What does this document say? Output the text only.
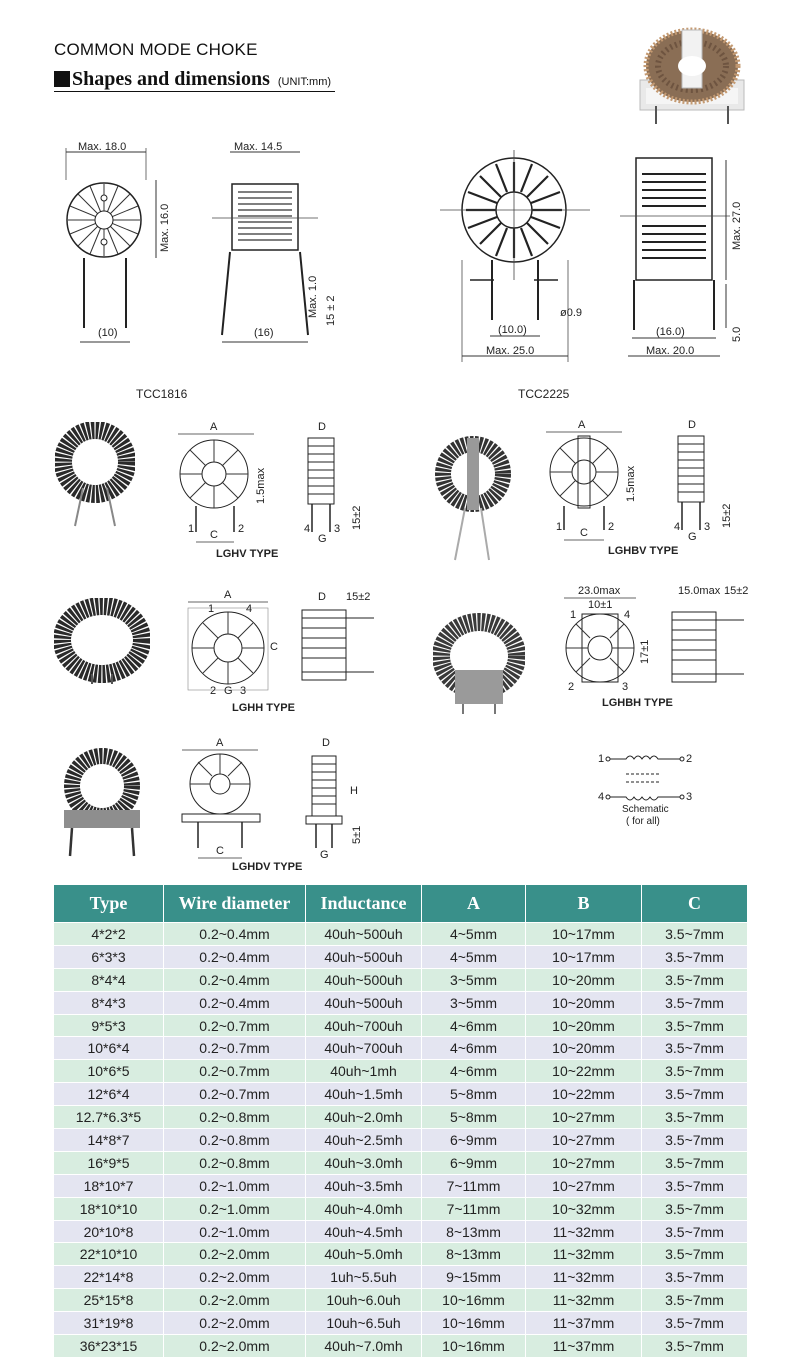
COMMON MODE CHOKE
Shapes and dimensions (UNIT:mm)
Max. 18.0
Max. 16.0
(10)
Max. 14.5
(16)
Max. 1.0 15 ± 2
TCC1816
(10.0)
ø0.9
Max. 25.0
(16.0)
Max. 20.0
Max. 27.0
5.0
TCC2225
A
1	2
C
1.5max
D
4 3
G
15±2
LGHV TYPE
A
1	2
C
1.5max
D
4 3
G
15±2
LGHBV TYPE
A
C
2 3
G
1	4
D 15±2
LGHH TYPE
23.0max
10±1
17±1
2	3
1	4
15.0max 15±2
LGHBH TYPE
A
C
D
H
G
5±1
LGHDV TYPE
1	2
4	3
Schematic
( for all)
Type	Wire diameter	Inductance	A	B	C
4*2*2	0.2~0.4mm	40uh~500uh	4~5mm	10~17mm	3.5~7mm
6*3*3	0.2~0.4mm	40uh~500uh	4~5mm	10~17mm	3.5~7mm
8*4*4	0.2~0.4mm	40uh~500uh	3~5mm	10~20mm	3.5~7mm
8*4*3	0.2~0.4mm	40uh~500uh	3~5mm	10~20mm	3.5~7mm
9*5*3	0.2~0.7mm	40uh~700uh	4~6mm	10~20mm	3.5~7mm
10*6*4	0.2~0.7mm	40uh~700uh	4~6mm	10~20mm	3.5~7mm
10*6*5	0.2~0.7mm	40uh~1mh	4~6mm	10~22mm	3.5~7mm
12*6*4	0.2~0.7mm	40uh~1.5mh	5~8mm	10~22mm	3.5~7mm
12.7*6.3*5	0.2~0.8mm	40uh~2.0mh	5~8mm	10~27mm	3.5~7mm
14*8*7	0.2~0.8mm	40uh~2.5mh	6~9mm	10~27mm	3.5~7mm
16*9*5	0.2~0.8mm	40uh~3.0mh	6~9mm	10~27mm	3.5~7mm
18*10*7	0.2~1.0mm	40uh~3.5mh	7~11mm	10~27mm	3.5~7mm
18*10*10	0.2~1.0mm	40uh~4.0mh	7~11mm	10~32mm	3.5~7mm
20*10*8	0.2~1.0mm	40uh~4.5mh	8~13mm	11~32mm	3.5~7mm
22*10*10	0.2~2.0mm	40uh~5.0mh	8~13mm	11~32mm	3.5~7mm
22*14*8	0.2~2.0mm	1uh~5.5uh	9~15mm	11~32mm	3.5~7mm
25*15*8	0.2~2.0mm	10uh~6.0uh	10~16mm	11~32mm	3.5~7mm
31*19*8	0.2~2.0mm	10uh~6.5uh	10~16mm	11~37mm	3.5~7mm
36*23*15	0.2~2.0mm	40uh~7.0mh	10~16mm	11~37mm	3.5~7mm
